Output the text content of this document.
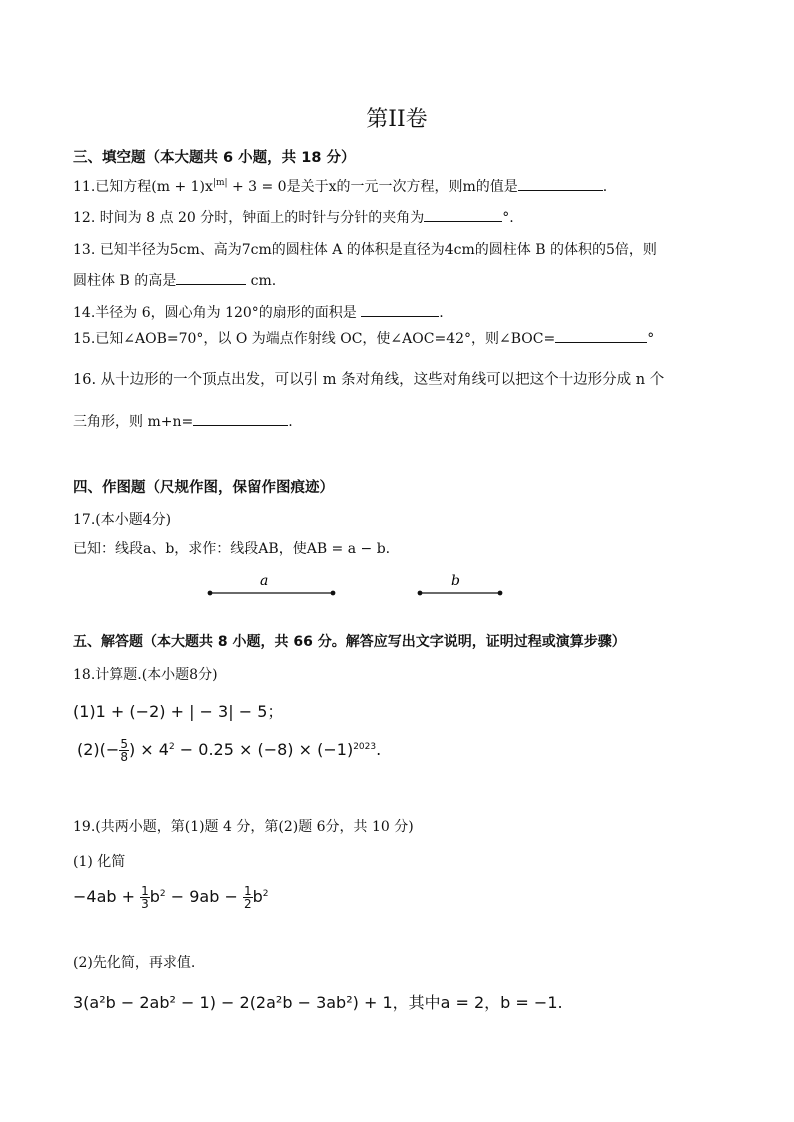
第II卷
三、填空题（本大题共 6 小题，共 18 分）
11.已知方程$(m + 1)x^{|m|} + 3 = 0$是关于x的一元一次方程，则m的值是	.
12. 时间为 8 点 20 分时，钟面上的时针与分针的夹角为	°.
13. 已知半径为5cm、高为7cm的圆柱体 A 的体积是直径为4cm的圆柱体 B 的体积的5倍，则
圆柱体 B 的高是	cm.
14.半径为 6，圆心角为 120°的扇形的面积是	.
15.已知∠AOB=70°，以 O 为端点作射线 OC，使∠AOC=42°，则∠BOC=	°
16. 从十边形的一个顶点出发，可以引 m 条对角线，这些对角线可以把这个十边形分成 n 个
三角形，则 m+n=	.
四、作图题（尺规作图，保留作图痕迹）
17.(本小题4分)
已知：线段a、b，求作：线段AB，使AB = a − b.
a	b
五、解答题（本大题共 8 小题，共 66 分。解答应写出文字说明，证明过程或演算步骤）
18.计算题.(本小题8分)
(1)1 + (−2) + | − 3| − 5；
$(2)(- \frac{5}{8}$ ) × $4^2 - 0.25 \times (-8) \times (-1)^{2023}$.
19.(共两小题，第(1)题 4 分，第(2)题 6分，共 10 分)
(1) 化简
$-4ab + \frac{1}{3} b^2 - 9ab - \frac{1}{2} b^2$
(2)先化简，再求值.
3(a²b − 2ab² − 1) − 2(2a²b − 3ab²) + 1，其中a = 2，b = −1.
